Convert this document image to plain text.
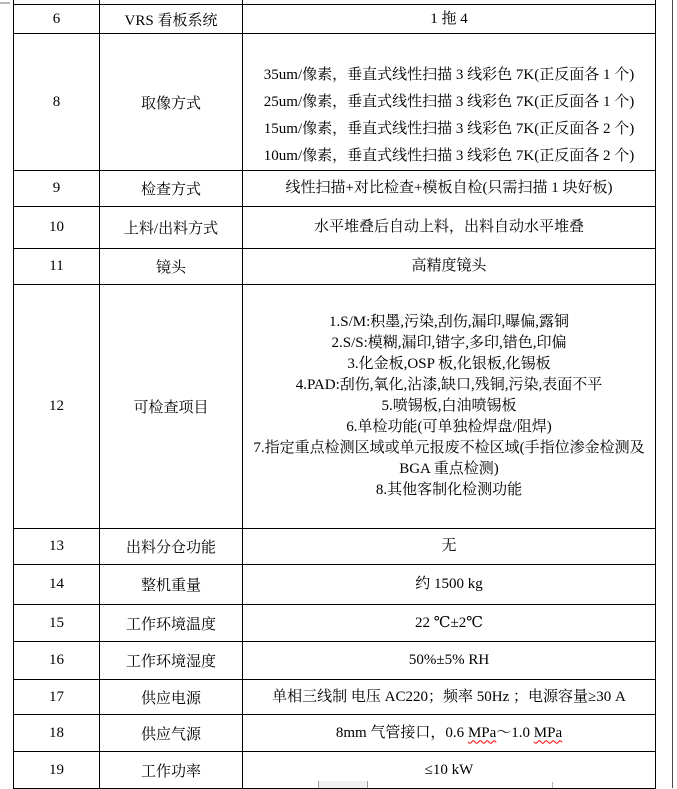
6	VRS 看板系统	1 拖 4

8	取像方式	35um/像素，垂直式线性扫描 3 线彩色 7K(正反面各 1 个)
25um/像素，垂直式线性扫描 3 线彩色 7K(正反面各 1 个)
15um/像素，垂直式线性扫描 3 线彩色 7K(正反面各 2 个)
10um/像素，垂直式线性扫描 3 线彩色 7K(正反面各 2 个)

9	检查方式	线性扫描+对比检查+模板自检(只需扫描 1 块好板)

10	上料/出料方式	水平堆叠后自动上料，出料自动水平堆叠

11	镜头	高精度镜头

12	可检查项目	
1.S/M:积墨,污染,刮伤,漏印,曝偏,露铜
2.S/S:模糊,漏印,错字,多印,错色,印偏
3.化金板,OSP 板,化银板,化锡板
4.PAD:刮伤,氧化,沾漆,缺口,残铜,污染,表面不平
5.喷锡板,白油喷锡板
6.单检功能(可单独检焊盘/阻焊)
7.指定重点检测区域或单元报废不检区域(手指位渗金检测及 BGA 重点检测)
8.其他客制化检测功能

13	出料分仓功能	无

14	整机重量	约 1500 kg

15	工作环境温度	22 ℃±2℃

16	工作环境湿度	50%±5% RH

17	供应电源	单相三线制 电压 AC220；频率 50Hz ；电源容量≥30 A

18	供应气源	8mm 气管接口，0.6 MPa～1.0 MPa

19	工作功率	≤10 kW
